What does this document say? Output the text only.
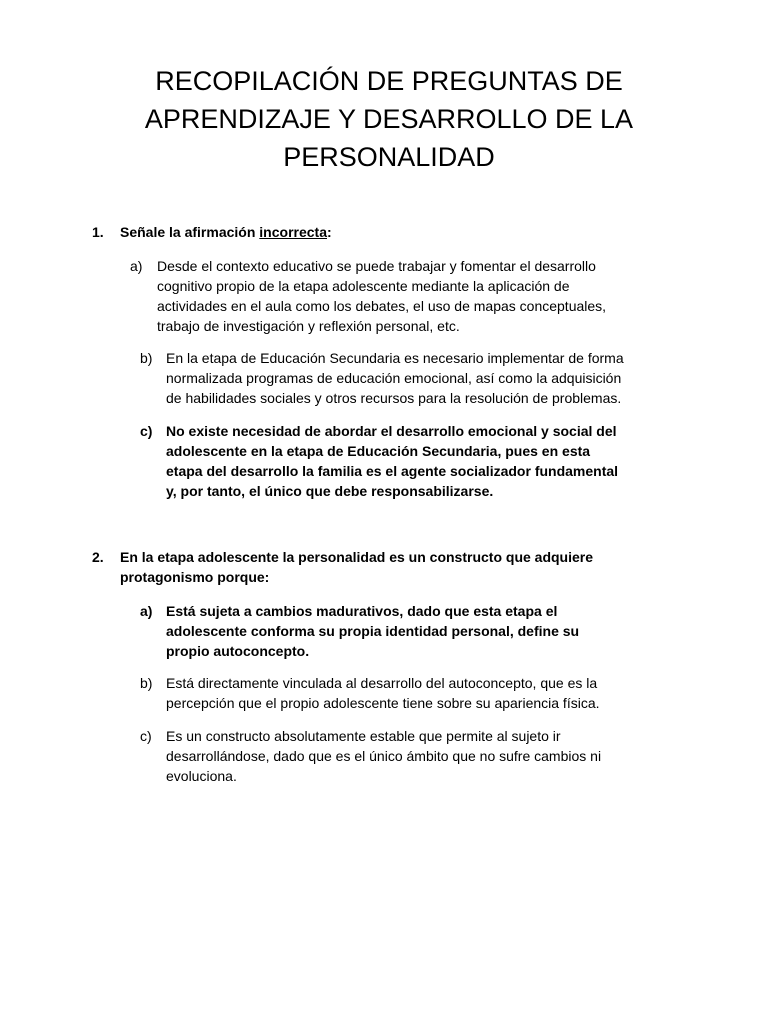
RECOPILACIÓN DE PREGUNTAS DE
APRENDIZAJE Y DESARROLLO DE LA
PERSONALIDAD
1. Señale la afirmación incorrecta:

a) Desde el contexto educativo se puede trabajar y fomentar el desarrollo
cognitivo propio de la etapa adolescente mediante la aplicación de
actividades en el aula como los debates, el uso de mapas conceptuales,
trabajo de investigación y reflexión personal, etc.

b) En la etapa de Educación Secundaria es necesario implementar de forma
normalizada programas de educación emocional, así como la adquisición
de habilidades sociales y otros recursos para la resolución de problemas.

c) No existe necesidad de abordar el desarrollo emocional y social del
adolescente en la etapa de Educación Secundaria, pues en esta
etapa del desarrollo la familia es el agente socializador fundamental
y, por tanto, el único que debe responsabilizarse.

2. En la etapa adolescente la personalidad es un constructo que adquiere
protagonismo porque:

a) Está sujeta a cambios madurativos, dado que esta etapa el
adolescente conforma su propia identidad personal, define su
propio autoconcepto.

b) Está directamente vinculada al desarrollo del autoconcepto, que es la
percepción que el propio adolescente tiene sobre su apariencia física.

c) Es un constructo absolutamente estable que permite al sujeto ir
desarrollándose, dado que es el único ámbito que no sufre cambios ni
evoluciona.
